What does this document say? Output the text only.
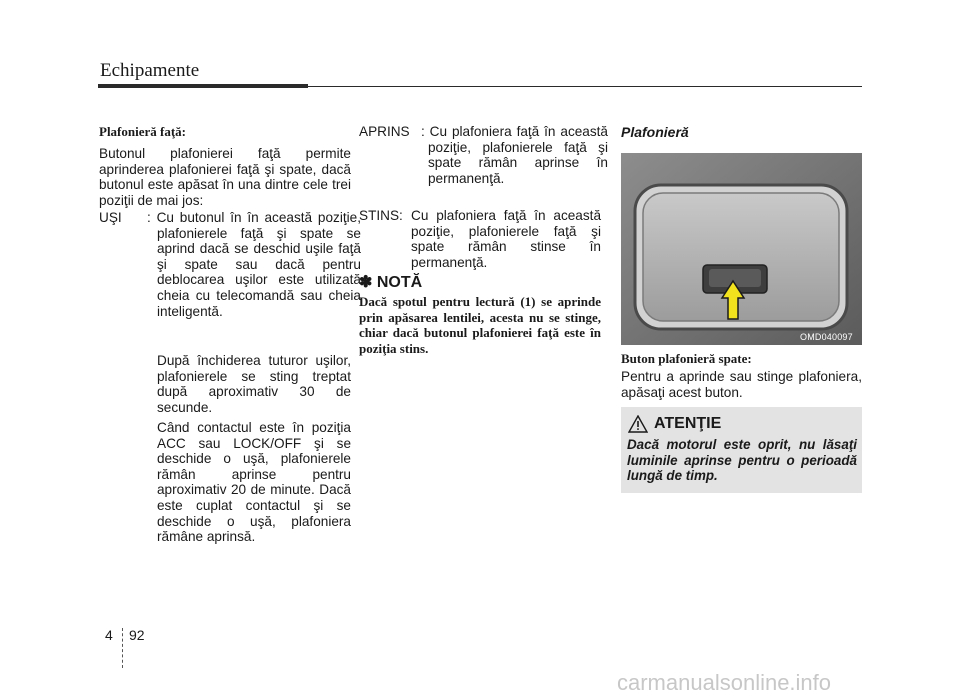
Echipamente
Plafonieră faţă:
Butonul plafonierei faţă permite aprinderea plafonierei faţă şi spate, dacă butonul este apăsat în una dintre cele trei poziţii de mai jos:
UŞI : Cu butonul în în această poziţie, plafonierele faţă şi spate se aprind dacă se deschid uşile faţă şi spate sau dacă pentru deblocarea uşilor este utilizată cheia cu telecomandă sau cheia inteligentă.
După închiderea tuturor uşilor, plafonierele se sting treptat după aproximativ 30 de secunde.
Când contactul este în poziţia ACC sau LOCK/OFF şi se deschide o uşă, plafonierele rămân aprinse pentru aproximativ 20 de minute. Dacă este cuplat contactul şi se deschide o uşă, plafoniera rămâne aprinsă.
APRINS : Cu plafoniera faţă în această poziţie, plafonierele faţă şi spate rămân aprinse în permanenţă.
STINS: Cu plafoniera faţă în această poziţie, plafonierele faţă şi spate rămân stinse în permanenţă.
✽ NOTĂ
Dacă spotul pentru lectură (1) se aprinde prin apăsarea lentilei, acesta nu se stinge, chiar dacă butonul plafonierei faţă este în poziţia stins.
Plafonieră
OMD040097
Buton plafonieră spate:
Pentru a aprinde sau stinge plafoniera, apăsaţi acest buton.
ATENŢIE
Dacă motorul este oprit, nu lăsaţi luminile aprinse pentru o perioadă lungă de timp.
4 92
carmanualsonline.info
